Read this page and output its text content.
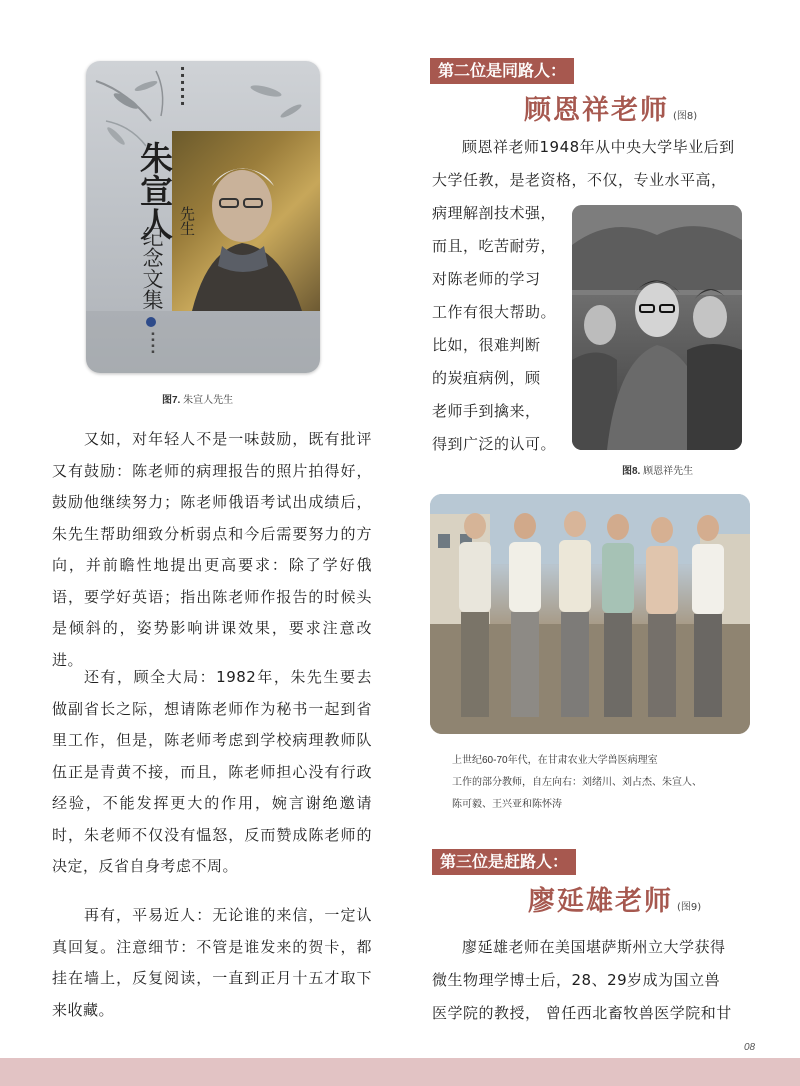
▪▪▪▪▪▪
朱宣人 先生
纪念文集
▪▪▪▪
图7. 朱宣人先生

又如，对年轻人不是一味鼓励，既有批评又有鼓励：陈老师的病理报告的照片拍得好，鼓励他继续努力；陈老师俄语考试出成绩后，朱先生帮助细致分析弱点和今后需要努力的方向，并前瞻性地提出更高要求：除了学好俄语，要学好英语；指出陈老师作报告的时候头是倾斜的，姿势影响讲课效果，要求注意改进。

还有，顾全大局：1982年，朱先生要去做副省长之际，想请陈老师作为秘书一起到省里工作，但是，陈老师考虑到学校病理教师队伍正是青黄不接，而且，陈老师担心没有行政经验，不能发挥更大的作用，婉言谢绝邀请时，朱老师不仅没有愠怒，反而赞成陈老师的决定，反省自身考虑不周。

再有，平易近人：无论谁的来信，一定认真回复。注意细节：不管是谁发来的贺卡，都挂在墙上，反复阅读，一直到正月十五才取下来收藏。

第二位是同路人：
顾恩祥老师 (图8)
顾恩祥老师1948年从中央大学毕业后到
大学任教，是老资格，不仅，专业水平高，
病理解剖技术强，
而且，吃苦耐劳，
对陈老师的学习
工作有很大帮助。
比如，很难判断
的炭疽病例，顾
老师手到擒来，
得到广泛的认可。
图8. 顾恩祥先生
上世纪60-70年代，在甘肃农业大学兽医病理室
工作的部分教师，自左向右：刘绪川、刘占杰、朱宣人、
陈可毅、王兴亚和陈怀涛
第三位是赶路人：
廖延雄老师 (图9)
廖延雄老师在美国堪萨斯州立大学获得
微生物理学博士后，28、29岁成为国立兽
医学院的教授， 曾任西北畜牧兽医学院和甘
08
